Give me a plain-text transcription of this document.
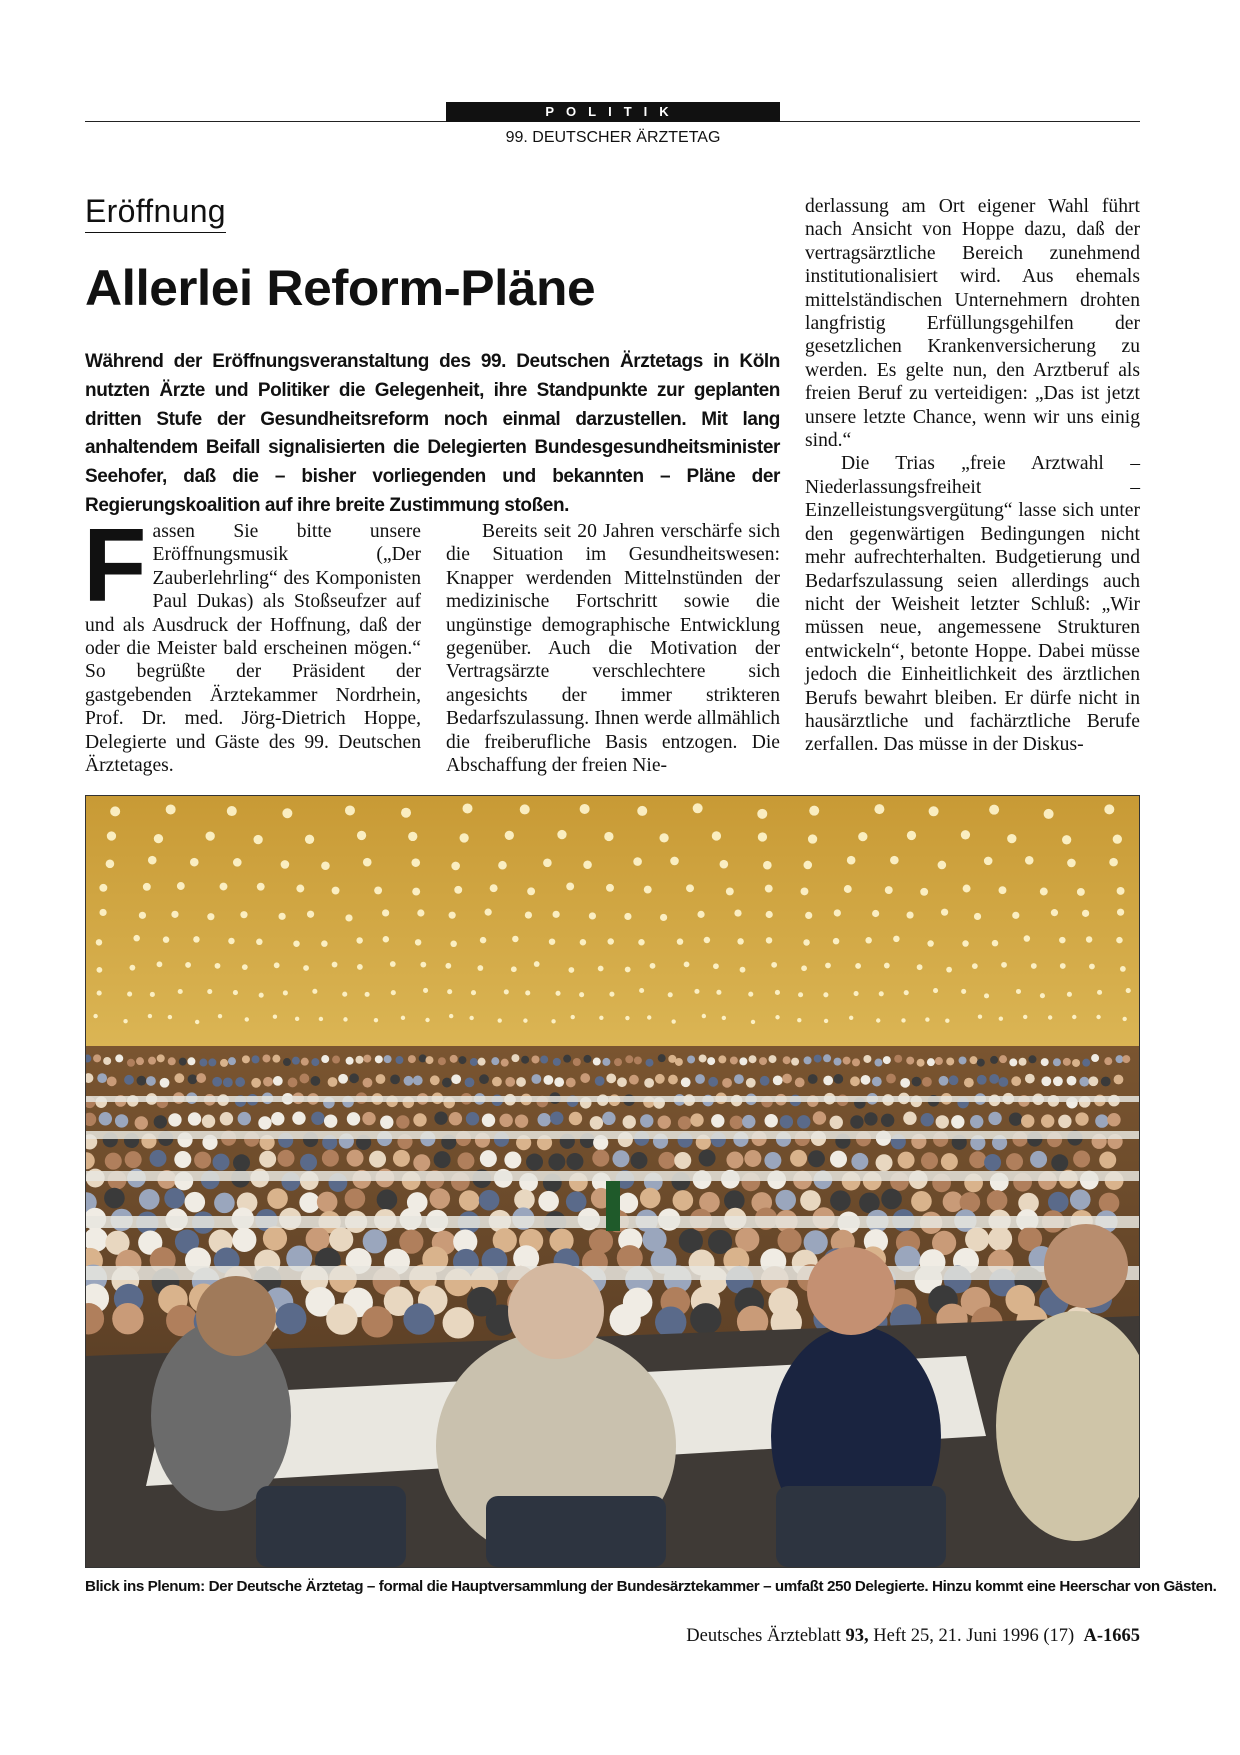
POLITIK
99. DEUTSCHER ÄRZTETAG
Eröffnung
Allerlei Reform-Pläne

Während der Eröffnungsveranstaltung des 99. Deutschen Ärztetags in Köln nutzten Ärzte und Politiker die Gelegenheit, ihre Standpunkte zur geplanten dritten Stufe der Gesundheitsreform noch einmal darzustellen. Mit lang anhaltendem Beifall signalisierten die Delegierten Bundesgesundheitsminister Seehofer, daß die – bisher vorliegenden und bekannten – Pläne der Regierungskoalition auf ihre breite Zustimmung stoßen.

Fassen Sie bitte unsere Eröffnungsmusik („Der Zauberlehrling“ des Komponisten Paul Dukas) als Stoßseufzer auf und als Ausdruck der Hoffnung, daß der oder die Meister bald erscheinen mögen.“ So begrüßte der Präsident der gastgebenden Ärztekammer Nordrhein, Prof. Dr. med. Jörg-Dietrich Hoppe, Delegierte und Gäste des 99. Deutschen Ärztetages.

Bereits seit 20 Jahren verschärfe sich die Situation im Gesundheitswesen: Knapper werdenden Mittelnstünden der medizinische Fortschritt sowie die ungünstige demographische Entwicklung gegenüber. Auch die Motivation der Vertragsärzte verschlechtere sich angesichts der immer strikteren Bedarfszulassung. Ihnen werde allmählich die freiberufliche Basis entzogen. Die Abschaffung der freien Nie-

derlassung am Ort eigener Wahl führt nach Ansicht von Hoppe dazu, daß der vertragsärztliche Bereich zunehmend institutionalisiert wird. Aus ehemals mittelständischen Unternehmern drohten langfristig Erfüllungsgehilfen der gesetzlichen Krankenversicherung zu werden. Es gelte nun, den Arztberuf als freien Beruf zu verteidigen: „Das ist jetzt unsere letzte Chance, wenn wir uns einig sind.“

Die Trias „freie Arztwahl – Niederlassungsfreiheit – Einzelleistungsvergütung“ lasse sich unter den gegenwärtigen Bedingungen nicht mehr aufrechterhalten. Budgetierung und Bedarfszulassung seien allerdings auch nicht der Weisheit letzter Schluß: „Wir müssen neue, angemessene Strukturen entwickeln“, betonte Hoppe. Dabei müsse jedoch die Einheitlichkeit des ärztlichen Berufs bewahrt bleiben. Er dürfe nicht in hausärztliche und fachärztliche Berufe zerfallen. Das müsse in der Diskus-

Blick ins Plenum: Der Deutsche Ärztetag – formal die Hauptversammlung der Bundesärztekammer – umfaßt 250 Delegierte. Hinzu kommt eine Heerschar von Gästen.
Deutsches Ärzteblatt 93, Heft 25, 21. Juni 1996 (17) A-1665
